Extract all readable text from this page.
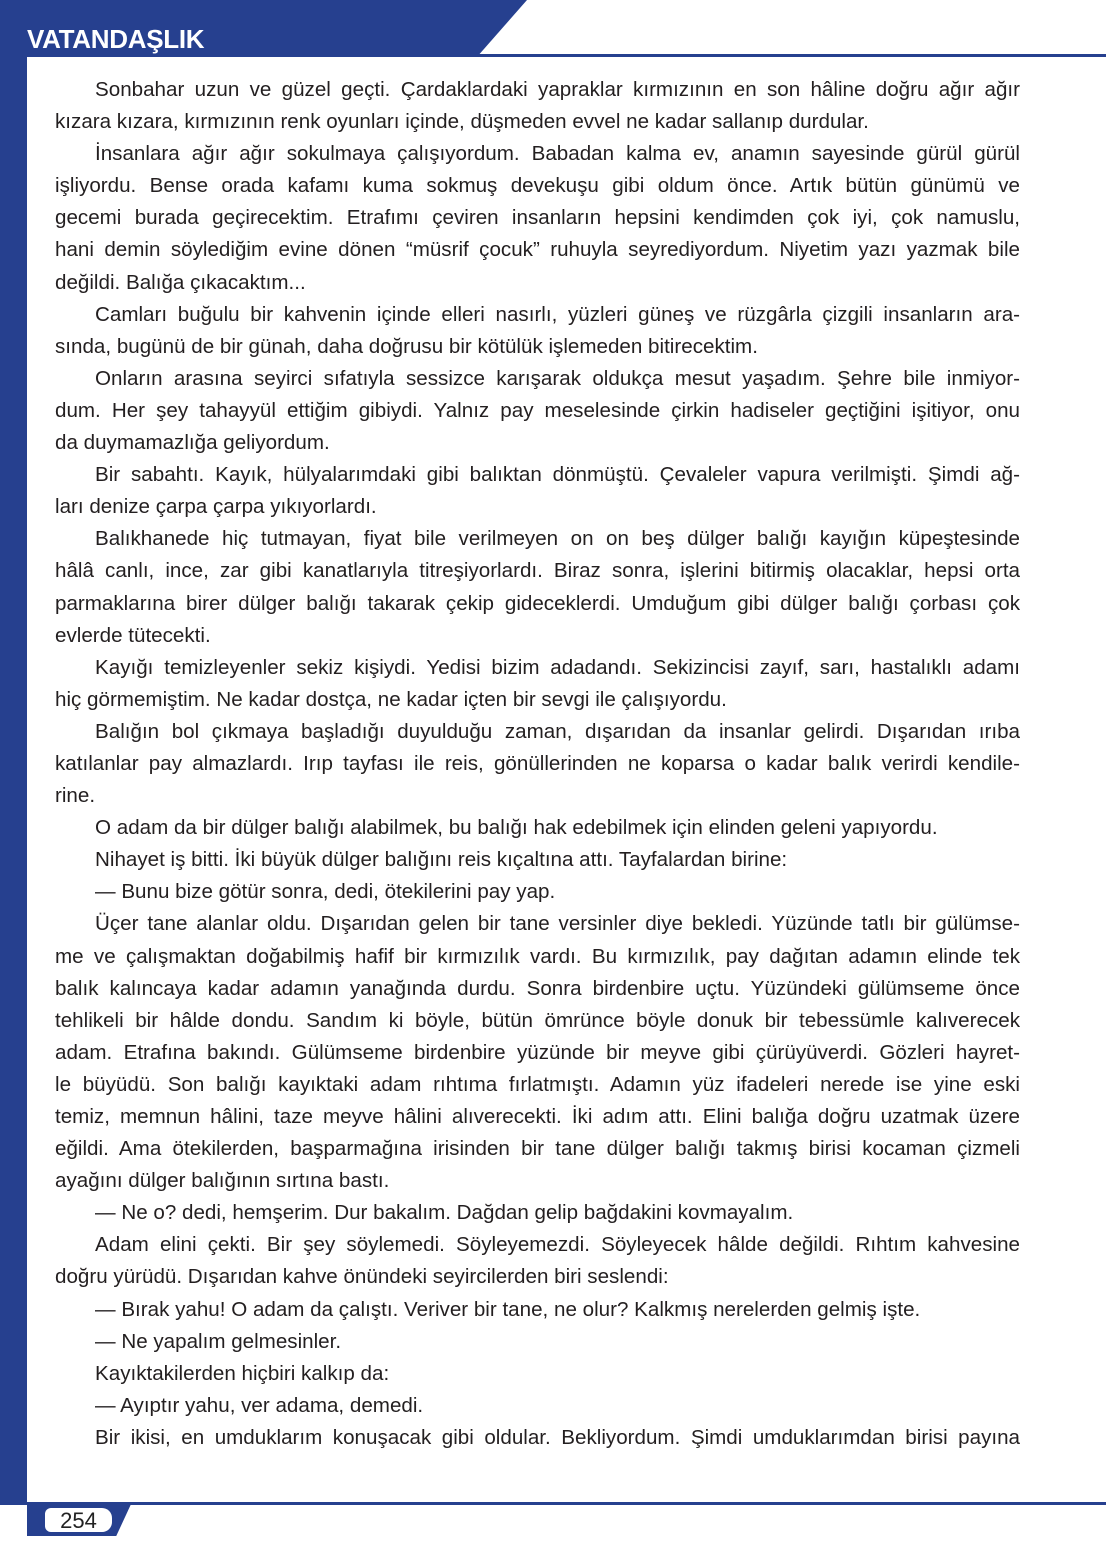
VATANDAŞLIK
Sonbahar uzun ve güzel geçti. Çardaklardaki yapraklar kırmızının en son hâline doğru ağır ağır
kızara kızara, kırmızının renk oyunları içinde, düşmeden evvel ne kadar sallanıp durdular.
İnsanlara ağır ağır sokulmaya çalışıyordum. Babadan kalma ev, anamın sayesinde gürül gürül
işliyordu. Bense orada kafamı kuma sokmuş devekuşu gibi oldum önce. Artık bütün günümü ve
gecemi burada geçirecektim. Etrafımı çeviren insanların hepsini kendimden çok iyi, çok namuslu,
hani demin söylediğim evine dönen “müsrif çocuk” ruhuyla seyrediyordum. Niyetim yazı yazmak bile
değildi. Balığa çıkacaktım...
Camları buğulu bir kahvenin içinde elleri nasırlı, yüzleri güneş ve rüzgârla çizgili insanların ara-
sında, bugünü de bir günah, daha doğrusu bir kötülük işlemeden bitirecektim.
Onların arasına seyirci sıfatıyla sessizce karışarak oldukça mesut yaşadım. Şehre bile inmiyor-
dum. Her şey tahayyül ettiğim gibiydi. Yalnız pay meselesinde çirkin hadiseler geçtiğini işitiyor, onu
da duymamazlığa geliyordum.
Bir sabahtı. Kayık, hülyalarımdaki gibi balıktan dönmüştü. Çevaleler vapura verilmişti. Şimdi ağ-
ları denize çarpa çarpa yıkıyorlardı.
Balıkhanede hiç tutmayan, fiyat bile verilmeyen on on beş dülger balığı kayığın küpeştesinde
hâlâ canlı, ince, zar gibi kanatlarıyla titreşiyorlardı. Biraz sonra, işlerini bitirmiş olacaklar, hepsi orta
parmaklarına birer dülger balığı takarak çekip gideceklerdi. Umduğum gibi dülger balığı çorbası çok
evlerde tütecekti.
Kayığı temizleyenler sekiz kişiydi. Yedisi bizim adadandı. Sekizincisi zayıf, sarı, hastalıklı adamı
hiç görmemiştim. Ne kadar dostça, ne kadar içten bir sevgi ile çalışıyordu.
Balığın bol çıkmaya başladığı duyulduğu zaman, dışarıdan da insanlar gelirdi. Dışarıdan ırıba
katılanlar pay almazlardı. Irıp tayfası ile reis, gönüllerinden ne koparsa o kadar balık verirdi kendile-
rine.
O adam da bir dülger balığı alabilmek, bu balığı hak edebilmek için elinden geleni yapıyordu.
Nihayet iş bitti. İki büyük dülger balığını reis kıçaltına attı. Tayfalardan birine:
— Bunu bize götür sonra, dedi, ötekilerini pay yap.
Üçer tane alanlar oldu. Dışarıdan gelen bir tane versinler diye bekledi. Yüzünde tatlı bir gülümse-
me ve çalışmaktan doğabilmiş hafif bir kırmızılık vardı. Bu kırmızılık, pay dağıtan adamın elinde tek
balık kalıncaya kadar adamın yanağında durdu. Sonra birdenbire uçtu. Yüzündeki gülümseme önce
tehlikeli bir hâlde dondu. Sandım ki böyle, bütün ömrünce böyle donuk bir tebessümle kalıverecek
adam. Etrafına bakındı. Gülümseme birdenbire yüzünde bir meyve gibi çürüyüverdi. Gözleri hayret-
le büyüdü. Son balığı kayıktaki adam rıhtıma fırlatmıştı. Adamın yüz ifadeleri nerede ise yine eski
temiz, memnun hâlini, taze meyve hâlini alıverecekti. İki adım attı. Elini balığa doğru uzatmak üzere
eğildi. Ama ötekilerden, başparmağına irisinden bir tane dülger balığı takmış birisi kocaman çizmeli
ayağını dülger balığının sırtına bastı.
— Ne o? dedi, hemşerim. Dur bakalım. Dağdan gelip bağdakini kovmayalım.
Adam elini çekti. Bir şey söylemedi. Söyleyemezdi. Söyleyecek hâlde değildi. Rıhtım kahvesine
doğru yürüdü. Dışarıdan kahve önündeki seyircilerden biri seslendi:
— Bırak yahu! O adam da çalıştı. Veriver bir tane, ne olur? Kalkmış nerelerden gelmiş işte.
— Ne yapalım gelmesinler.
Kayıktakilerden hiçbiri kalkıp da:
— Ayıptır yahu, ver adama, demedi.
Bir ikisi, en umduklarım konuşacak gibi oldular. Bekliyordum. Şimdi umduklarımdan birisi payına
254
